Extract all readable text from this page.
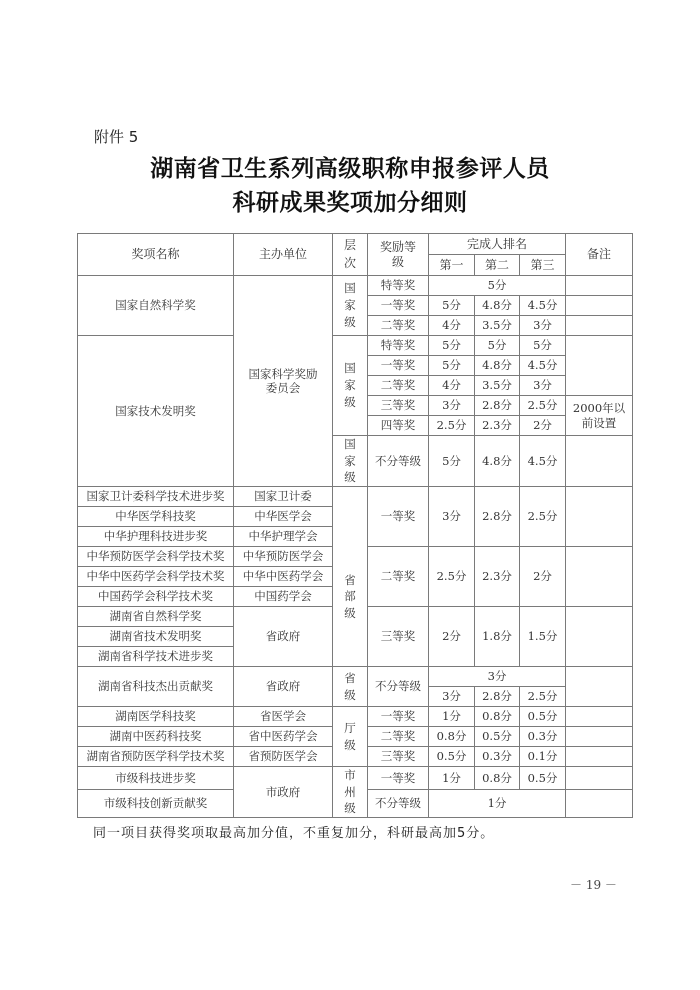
附件 5
湖南省卫生系列高级职称申报参评人员
科研成果奖项加分细则
奖项名称	主办单位	层次	奖励等级	完成人排名			备注
				第一	第二	第三	
国家自然科学奖	国家科学奖励委员会	国家级	特等奖	5分			
			一等奖	5分	4.8分	4.5分	
			二等奖	4分	3.5分	3分	
国家技术发明奖		国家级	特等奖	5分	5分	5分	
			一等奖	5分	4.8分	4.5分	
			二等奖	4分	3.5分	3分	
			三等奖	3分	2.8分	2.5分	2000年以前设置
			四等奖	2.5分	2.3分	2分	
		国家级	不分等级	5分	4.8分	4.5分	
国家卫计委科学技术进步奖	国家卫计委	省部级	一等奖	3分	2.8分	2.5分	
中华医学科技奖	中华医学会						
中华护理科技进步奖	中华护理学会						
中华预防医学会科学技术奖	中华预防医学会		二等奖	2.5分	2.3分	2分	
中华中医药学会科学技术奖	中华中医药学会						
中国药学会科学技术奖	中国药学会						
湖南省自然科学奖	省政府		三等奖	2分	1.8分	1.5分	
湖南省技术发明奖							
湖南省科学技术进步奖							
湖南省科技杰出贡献奖	省政府	省级	不分等级	3分			
				3分	2.8分	2.5分	
湖南医学科技奖	省医学会	厅级	一等奖	1分	0.8分	0.5分	
湖南中医药科技奖	省中医药学会		二等奖	0.8分	0.5分	0.3分	
湖南省预防医学科学技术奖	省预防医学会		三等奖	0.5分	0.3分	0.1分	
市级科技进步奖	市政府	市州级	一等奖	1分	0.8分	0.5分	
市级科技创新贡献奖			不分等级	1分			
同一项目获得奖项取最高加分值，不重复加分，科研最高加5分。
－ 19 －
